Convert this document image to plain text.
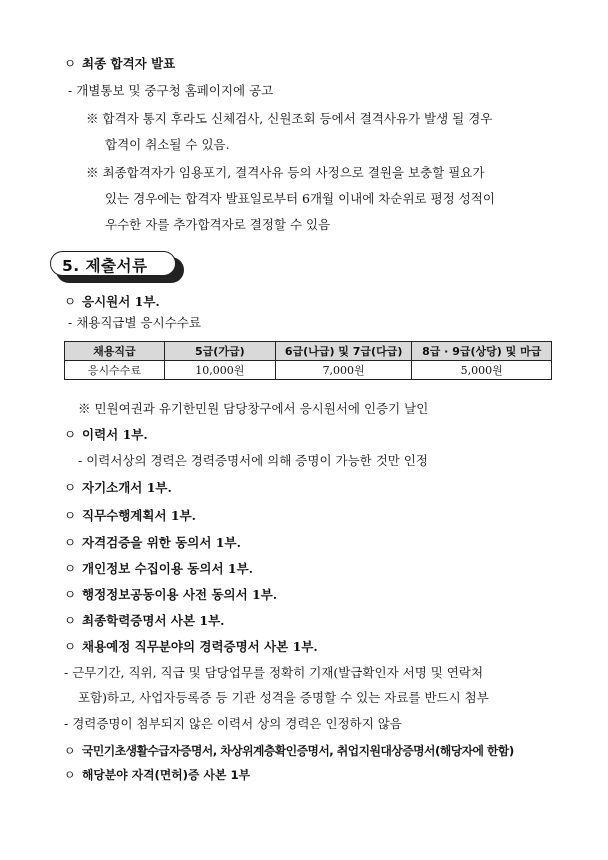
ㅇ 최종 합격자 발표
- 개별통보 및 중구청 홈페이지에 공고
※ 합격자 통지 후라도 신체검사, 신원조회 등에서 결격사유가 발생 될 경우
합격이 취소될 수 있음.
※ 최종합격자가 임용포기, 결격사유 등의 사정으로 결원을 보충할 필요가
있는 경우에는 합격자 발표일로부터 6개월 이내에 차순위로 평정 성적이
우수한 자를 추가합격자로 결정할 수 있음
5. 제출서류
ㅇ 응시원서 1부.
- 채용직급별 응시수수료
채용직급	5급(가급)	6급(나급) 및 7급(다급)	8급 · 9급(상당) 및 마급
응시수수료	10,000원	7,000원	5,000원
※ 민원여권과 유기한민원 담당창구에서 응시원서에 인증기 날인
ㅇ 이력서 1부.
- 이력서상의 경력은 경력증명서에 의해 증명이 가능한 것만 인정
ㅇ 자기소개서 1부.
ㅇ 직무수행계획서 1부.
ㅇ 자격검증을 위한 동의서 1부.
ㅇ 개인정보 수집이용 동의서 1부.
ㅇ 행정정보공동이용 사전 동의서 1부.
ㅇ 최종학력증명서 사본 1부.
ㅇ 채용예정 직무분야의 경력증명서 사본 1부.
- 근무기간, 직위, 직급 및 담당업무를 정확히 기재(발급확인자 서명 및 연락처
포함)하고, 사업자등록증 등 기관 성격을 증명할 수 있는 자료를 반드시 첨부
- 경력증명이 첨부되지 않은 이력서 상의 경력은 인정하지 않음
ㅇ 국민기초생활수급자증명서, 차상위계층확인증명서, 취업지원대상증명서(해당자에 한함)
ㅇ 해당분야 자격(면허)증 사본 1부
